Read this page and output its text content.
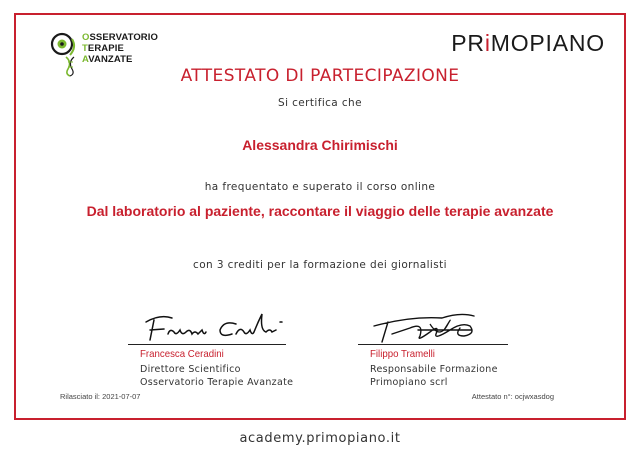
OSSERVATORIO
TERAPIE
AVANZATE
PRiMOPIANO
ATTESTATO DI PARTECIPAZIONE
Si certifica che
Alessandra Chirimischi
ha frequentato e superato il corso online
Dal laboratorio al paziente, raccontare il viaggio delle terapie avanzate
con 3 crediti per la formazione dei giornalisti
Francesca Ceradini
Direttore Scientifico
Osservatorio Terapie Avanzate
Filippo Tramelli
Responsabile Formazione
Primopiano scrl
Rilasciato il: 2021-07-07	Attestato n°: ocjwxasdog
academy.primopiano.it
